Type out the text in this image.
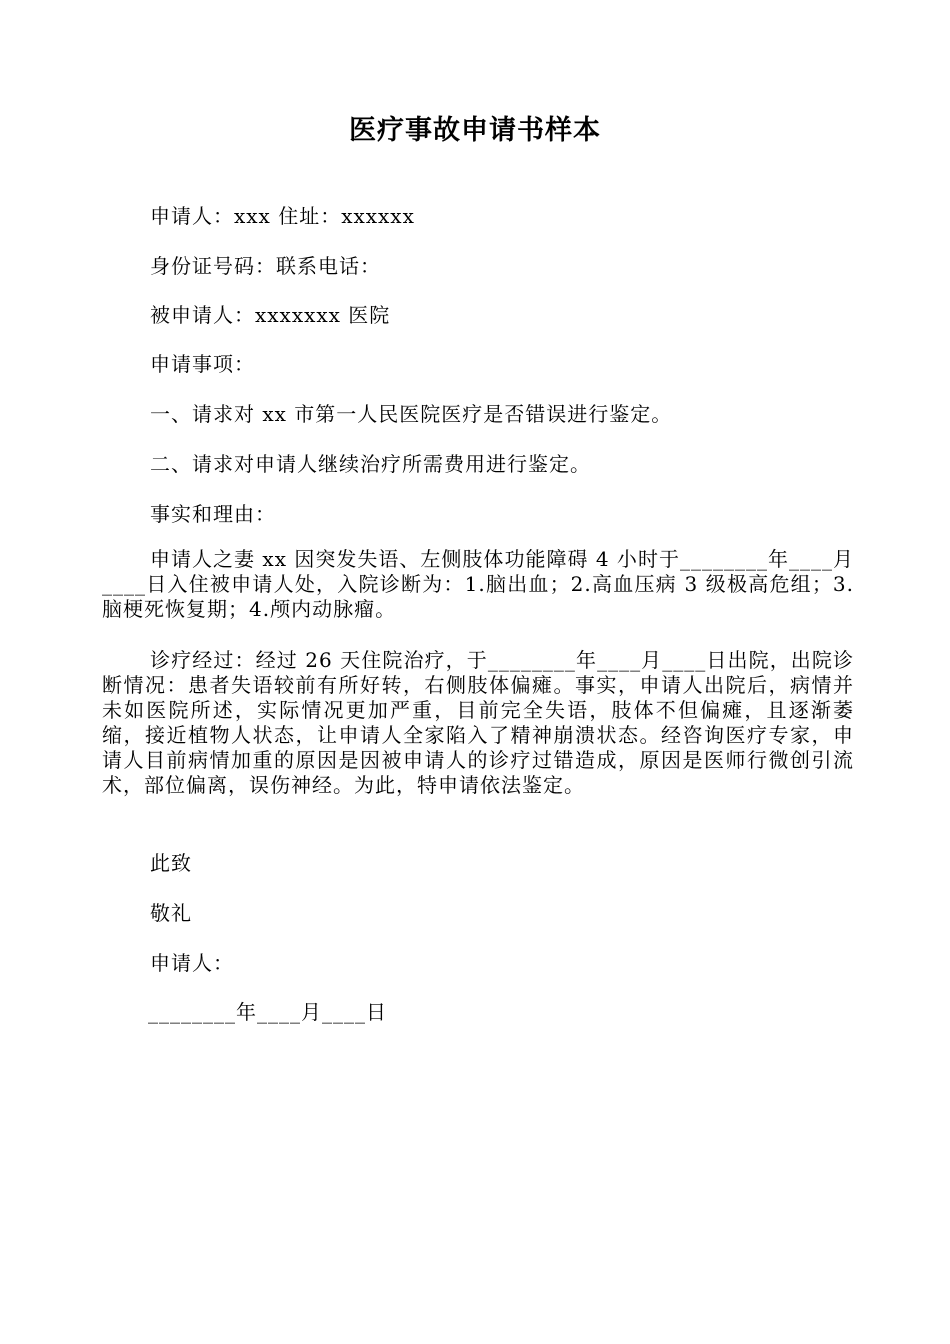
医疗事故申请书样本
申请人：xxx 住址：xxxxxx
身份证号码：联系电话：
被申请人：xxxxxxx 医院
申请事项：
一、请求对 xx 市第一人民医院医疗是否错误进行鉴定。
二、请求对申请人继续治疗所需费用进行鉴定。
事实和理由：
申请人之妻 xx 因突发失语、左侧肢体功能障碍 4 小时于________年____月____日入住被申请人处，入院诊断为：1.脑出血；2.高血压病 3 级极高危组；3.脑梗死恢复期；4.颅内动脉瘤。
诊疗经过：经过 26 天住院治疗，于________年____月____日出院，出院诊断情况：患者失语较前有所好转，右侧肢体偏瘫。事实，申请人出院后，病情并未如医院所述，实际情况更加严重，目前完全失语，肢体不但偏瘫，且逐渐萎缩，接近植物人状态，让申请人全家陷入了精神崩溃状态。经咨询医疗专家，申请人目前病情加重的原因是因被申请人的诊疗过错造成，原因是医师行微创引流术，部位偏离，误伤神经。为此，特申请依法鉴定。
此致
敬礼
申请人：
________年____月____日
